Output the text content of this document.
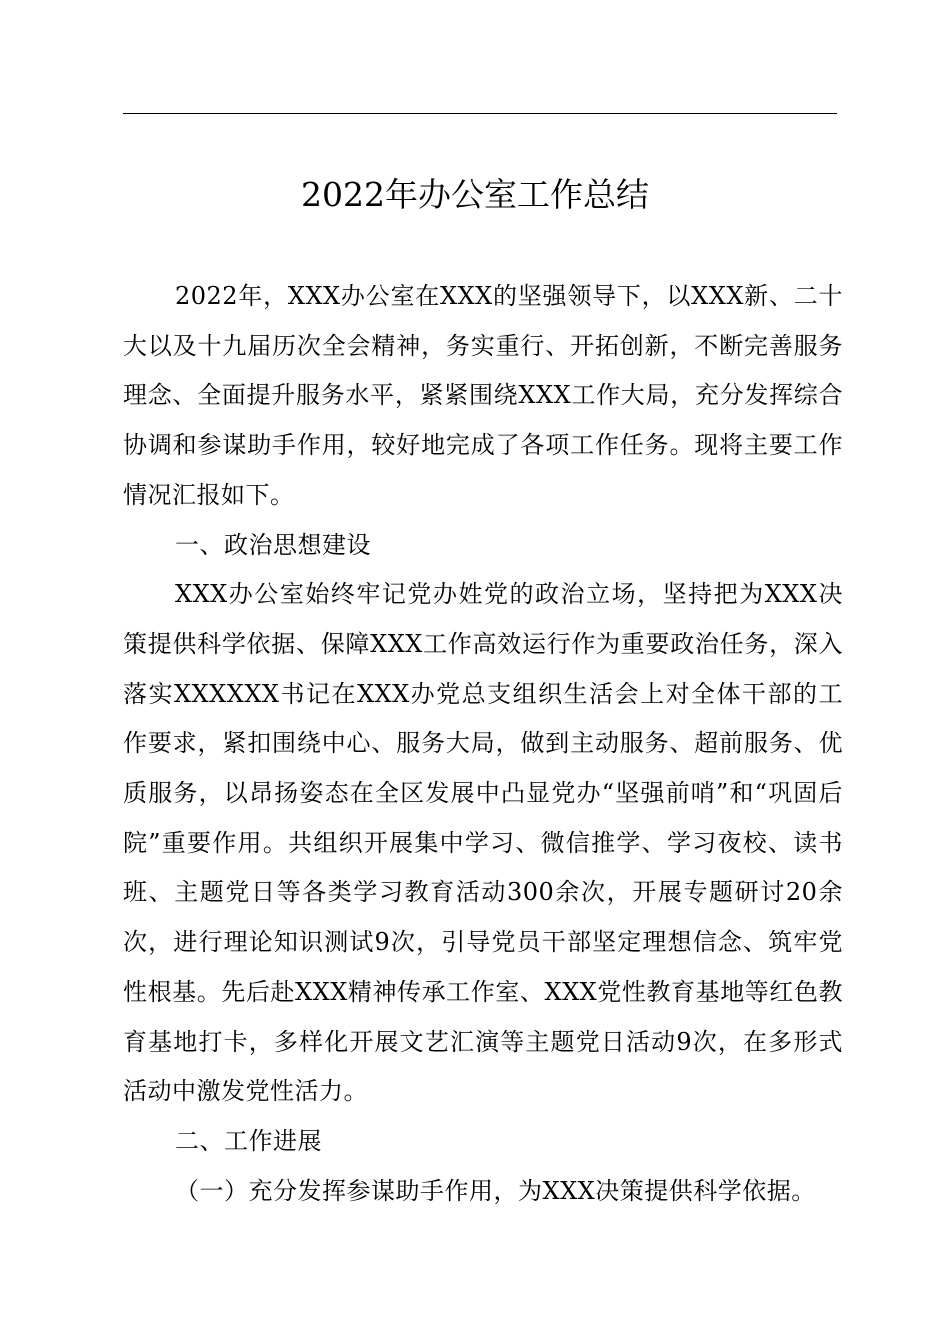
2022年办公室工作总结

2022年，XXX办公室在XXX的坚强领导下，以XXX新、二十大以及十九届历次全会精神，务实重行、开拓创新，不断完善服务理念、全面提升服务水平，紧紧围绕XXX工作大局，充分发挥综合协调和参谋助手作用，较好地完成了各项工作任务。现将主要工作情况汇报如下。

一、政治思想建设

XXX办公室始终牢记党办姓党的政治立场，坚持把为XXX决策提供科学依据、保障XXX工作高效运行作为重要政治任务，深入落实XXXXXX书记在XXX办党总支组织生活会上对全体干部的工作要求，紧扣围绕中心、服务大局，做到主动服务、超前服务、优质服务，以昂扬姿态在全区发展中凸显党办“坚强前哨”和“巩固后院”重要作用。共组织开展集中学习、微信推学、学习夜校、读书班、主题党日等各类学习教育活动300余次，开展专题研讨20余次，进行理论知识测试9次，引导党员干部坚定理想信念、筑牢党性根基。先后赴XXX精神传承工作室、XXX党性教育基地等红色教育基地打卡，多样化开展文艺汇演等主题党日活动9次，在多形式活动中激发党性活力。

二、工作进展

（一）充分发挥参谋助手作用，为XXX决策提供科学依据。
